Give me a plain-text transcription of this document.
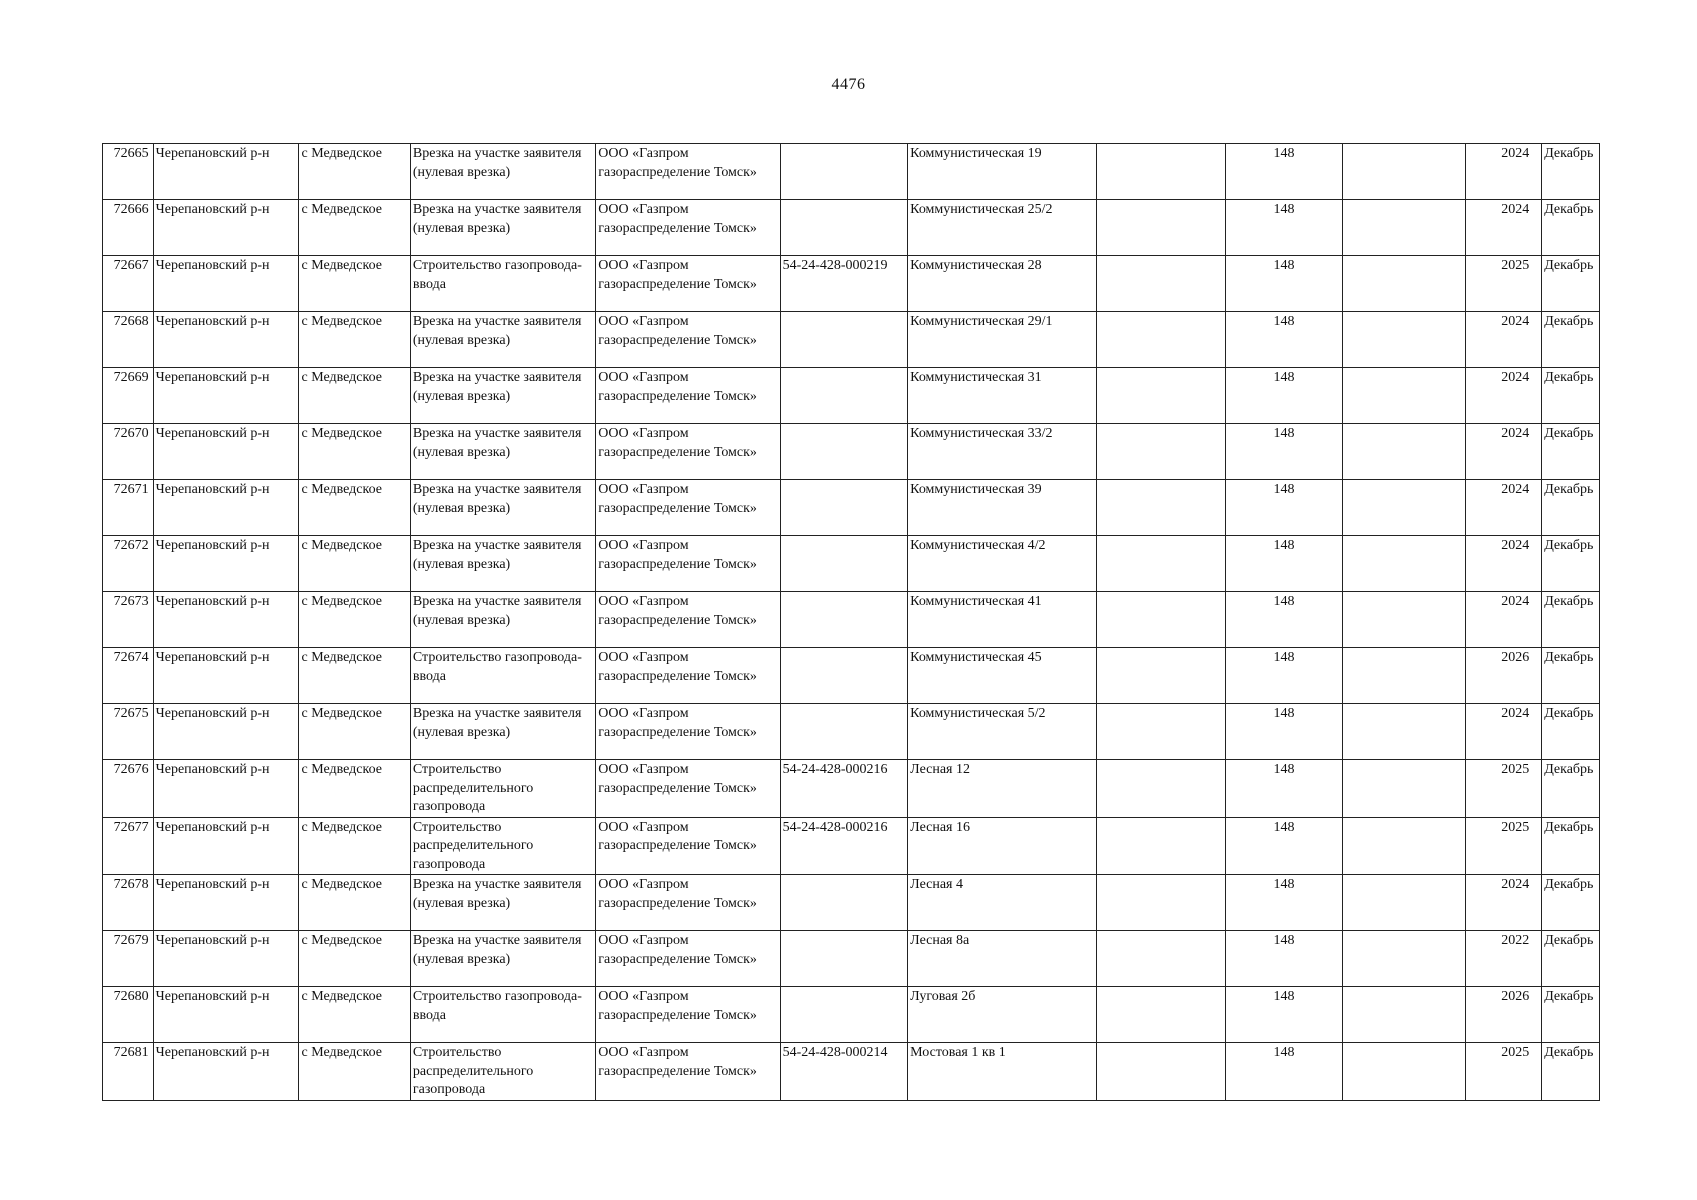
4476
72665	Черепановский р-н	с Медведское	Врезка на участке заявителя (нулевая врезка)	ООО «Газпром газораспределение Томск»		Коммунистическая 19		148		2024	Декабрь
72666	Черепановский р-н	с Медведское	Врезка на участке заявителя (нулевая врезка)	ООО «Газпром газораспределение Томск»		Коммунистическая 25/2		148		2024	Декабрь
72667	Черепановский р-н	с Медведское	Строительство газопровода-ввода	ООО «Газпром газораспределение Томск»	54-24-428-000219	Коммунистическая 28		148		2025	Декабрь
72668	Черепановский р-н	с Медведское	Врезка на участке заявителя (нулевая врезка)	ООО «Газпром газораспределение Томск»		Коммунистическая 29/1		148		2024	Декабрь
72669	Черепановский р-н	с Медведское	Врезка на участке заявителя (нулевая врезка)	ООО «Газпром газораспределение Томск»		Коммунистическая 31		148		2024	Декабрь
72670	Черепановский р-н	с Медведское	Врезка на участке заявителя (нулевая врезка)	ООО «Газпром газораспределение Томск»		Коммунистическая 33/2		148		2024	Декабрь
72671	Черепановский р-н	с Медведское	Врезка на участке заявителя (нулевая врезка)	ООО «Газпром газораспределение Томск»		Коммунистическая 39		148		2024	Декабрь
72672	Черепановский р-н	с Медведское	Врезка на участке заявителя (нулевая врезка)	ООО «Газпром газораспределение Томск»		Коммунистическая 4/2		148		2024	Декабрь
72673	Черепановский р-н	с Медведское	Врезка на участке заявителя (нулевая врезка)	ООО «Газпром газораспределение Томск»		Коммунистическая 41		148		2024	Декабрь
72674	Черепановский р-н	с Медведское	Строительство газопровода-ввода	ООО «Газпром газораспределение Томск»		Коммунистическая 45		148		2026	Декабрь
72675	Черепановский р-н	с Медведское	Врезка на участке заявителя (нулевая врезка)	ООО «Газпром газораспределение Томск»		Коммунистическая 5/2		148		2024	Декабрь
72676	Черепановский р-н	с Медведское	Строительство распределительного газопровода	ООО «Газпром газораспределение Томск»	54-24-428-000216	Лесная 12		148		2025	Декабрь
72677	Черепановский р-н	с Медведское	Строительство распределительного газопровода	ООО «Газпром газораспределение Томск»	54-24-428-000216	Лесная 16		148		2025	Декабрь
72678	Черепановский р-н	с Медведское	Врезка на участке заявителя (нулевая врезка)	ООО «Газпром газораспределение Томск»		Лесная 4		148		2024	Декабрь
72679	Черепановский р-н	с Медведское	Врезка на участке заявителя (нулевая врезка)	ООО «Газпром газораспределение Томск»		Лесная 8а		148		2022	Декабрь
72680	Черепановский р-н	с Медведское	Строительство газопровода-ввода	ООО «Газпром газораспределение Томск»		Луговая 2б		148		2026	Декабрь
72681	Черепановский р-н	с Медведское	Строительство распределительного газопровода	ООО «Газпром газораспределение Томск»	54-24-428-000214	Мостовая 1 кв 1		148		2025	Декабрь
